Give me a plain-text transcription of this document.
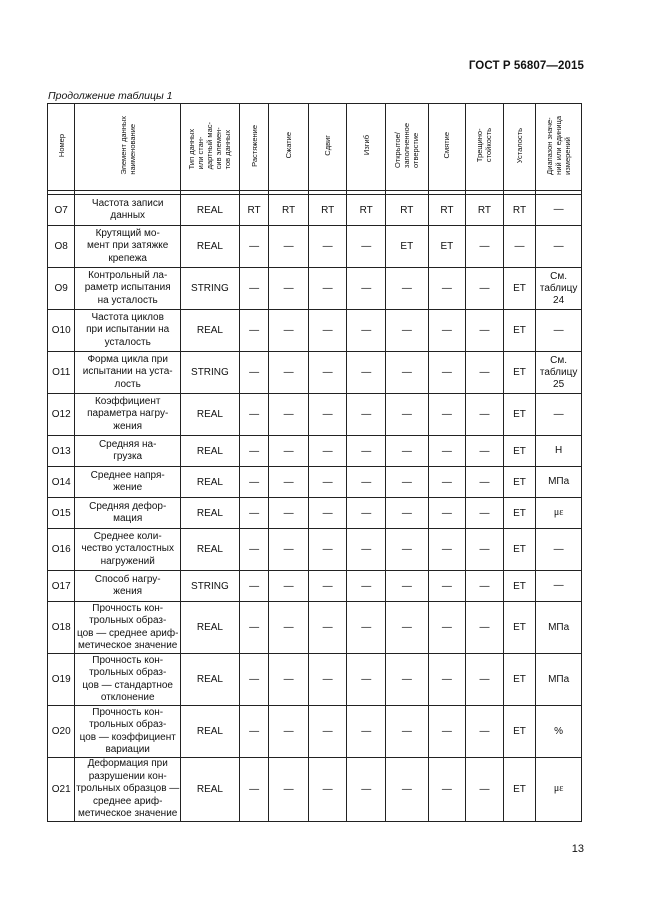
ГОСТ Р 56807—2015
Продолжение таблицы 1
Номер	Элемент данных
наименование	Тип данных
или стан-
дартный мас-
сив элемен-
тов данных	Растяжение	Сжатие	Сдвиг	Изгиб	Открытое/
заполненное
отверстие	Смятие	Трещино-
стойкость	Усталость	Диапазон значе-
ний или единица
измерений

O7	Частота записи
данных	REAL	RT	RT	RT	RT	RT	RT	RT	RT	—
O8	Крутящий мо-
мент при затяжке
крепежа	REAL	—	—	—	—	ET	ET	—	—	—
O9	Контрольный ла-
раметр испытания
на усталость	STRING	—	—	—	—	—	—	—	ET	См.
таблицу
24
O10	Частота циклов
при испытании на
усталость	REAL	—	—	—	—	—	—	—	ET	—
O11	Форма цикла при
испытании на уста-
лость	STRING	—	—	—	—	—	—	—	ET	См.
таблицу
25
O12	Коэффициент
параметра нагру-
жения	REAL	—	—	—	—	—	—	—	ET	—
O13	Средняя на-
грузка	REAL	—	—	—	—	—	—	—	ET	Н
O14	Среднее напря-
жение	REAL	—	—	—	—	—	—	—	ET	МПа
O15	Средняя дефор-
мация	REAL	—	—	—	—	—	—	—	ET	με
O16	Среднее коли-
чество усталостных
нагружений	REAL	—	—	—	—	—	—	—	ET	—
O17	Способ нагру-
жения	STRING	—	—	—	—	—	—	—	ET	—
O18	Прочность кон-
трольных образ-
цов — среднее ариф-
метическое значение	REAL	—	—	—	—	—	—	—	ET	МПа
O19	Прочность кон-
трольных образ-
цов — стандартное
отклонение	REAL	—	—	—	—	—	—	—	ET	МПа
O20	Прочность кон-
трольных образ-
цов — коэффициент
вариации	REAL	—	—	—	—	—	—	—	ET	%
O21	Деформация при
разрушении кон-
трольных образцов —
среднее ариф-
метическое значение	REAL	—	—	—	—	—	—	—	ET	με
13
